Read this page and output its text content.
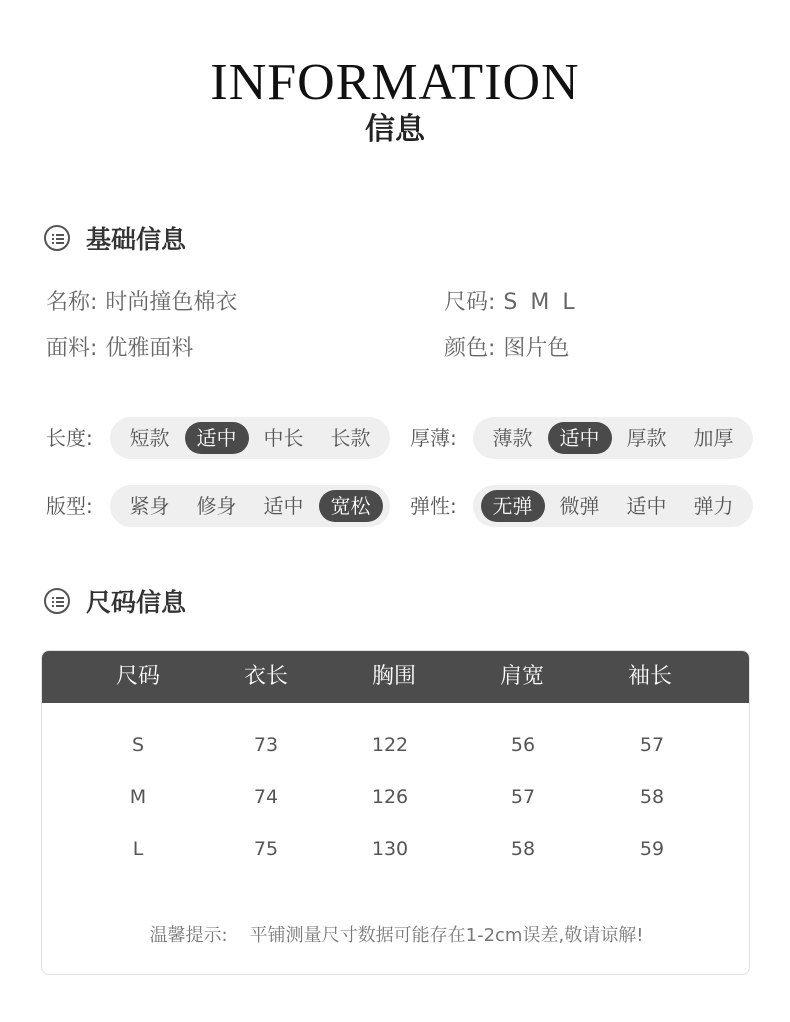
INFORMATION
信息
基础信息
名称: 时尚撞色棉衣	尺码: S M L
面料: 优雅面料	颜色: 图片色
长度:	短款	适中	中长	长款	厚薄:	薄款	适中	厚款	加厚
版型:	紧身	修身	适中	宽松	弹性:	无弹	微弹	适中	弹力
尺码信息
尺码	衣长	胸围	肩宽	袖长
S	73	122	56	57
M	74	126	57	58
L	75	130	58	59
温馨提示: 平铺测量尺寸数据可能存在1-2cm误差,敬请谅解!
